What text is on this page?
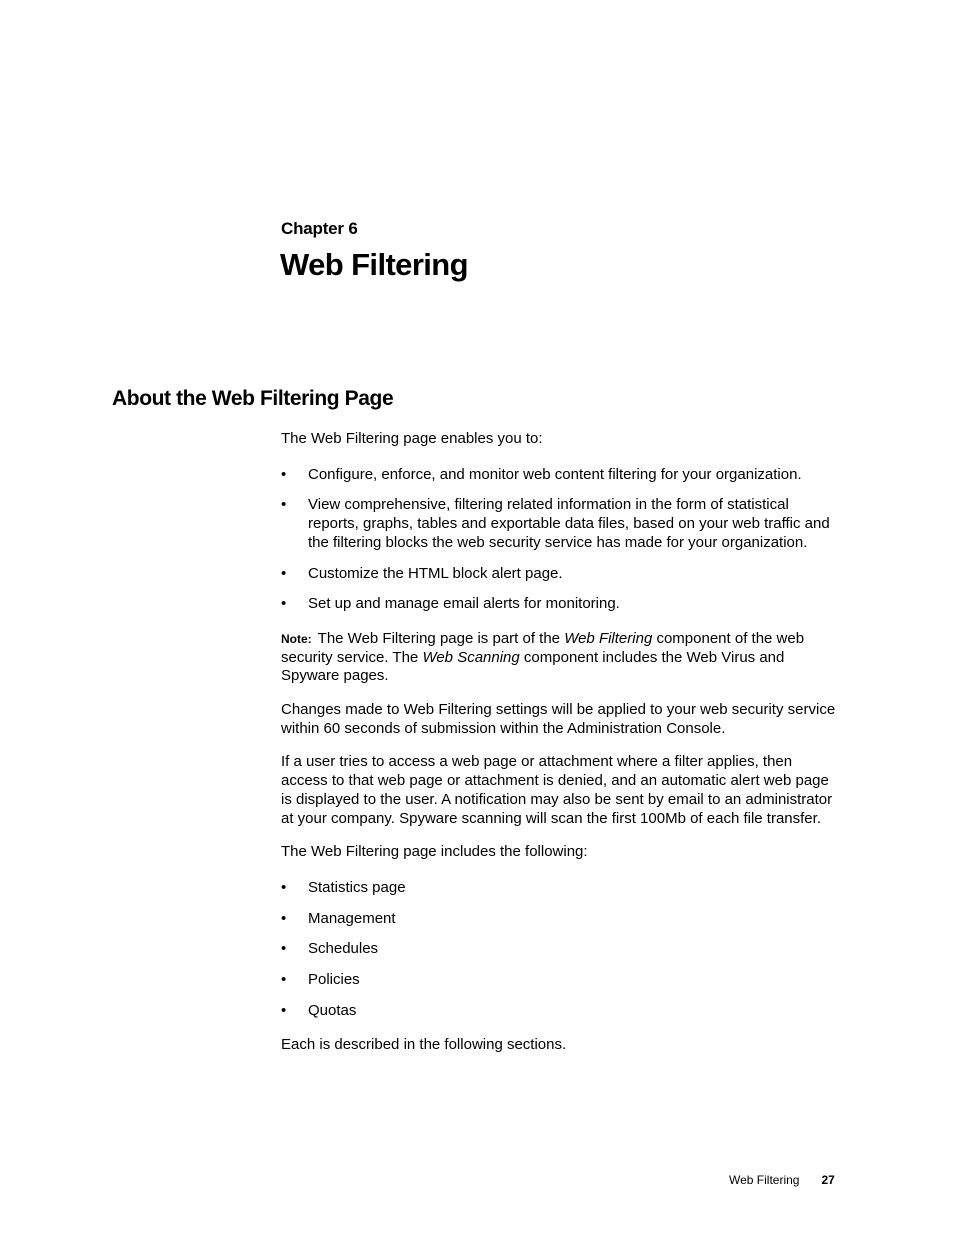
Chapter 6
Web Filtering
About the Web Filtering Page

The Web Filtering page enables you to:

• Configure, enforce, and monitor web content filtering for your organization.
• View comprehensive, filtering related information in the form of statistical reports, graphs, tables and exportable data files, based on your web traffic and the filtering blocks the web security service has made for your organization.
• Customize the HTML block alert page.
• Set up and manage email alerts for monitoring.

Note: The Web Filtering page is part of the Web Filtering component of the web security service. The Web Scanning component includes the Web Virus and Spyware pages.

Changes made to Web Filtering settings will be applied to your web security service within 60 seconds of submission within the Administration Console.

If a user tries to access a web page or attachment where a filter applies, then access to that web page or attachment is denied, and an automatic alert web page is displayed to the user. A notification may also be sent by email to an administrator at your company. Spyware scanning will scan the first 100Mb of each file transfer.

The Web Filtering page includes the following:

• Statistics page
• Management
• Schedules
• Policies
• Quotas

Each is described in the following sections.

Web Filtering 27
